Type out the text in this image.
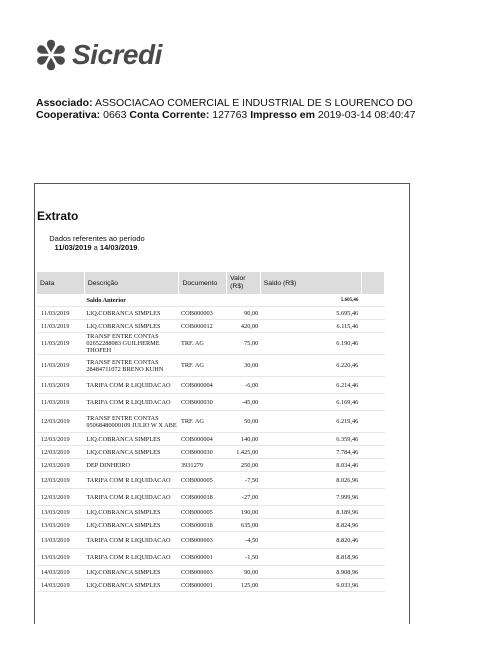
Sicredi
Associado: ASSOCIACAO COMERCIAL E INDUSTRIAL DE S LOURENCO DO
Cooperativa: 0663 Conta Corrente: 127763 Impresso em 2019-03-14 08:40:47
Extrato
Dados referentes ao período 11/03/2019 a 14/03/2019.
Data	Descrição	Documento	Valor (R$)	Saldo (R$)	
	Saldo Anterior			5.605,46	
11/03/2019	LIQ.COBRANCA SIMPLES	COB000003	90,00	5.695,46	
11/03/2019	LIQ.COBRANCA SIMPLES	COB000012	420,00	6.115,46	
11/03/2019	TRANSF ENTRE CONTAS 02652288083 GUILHERME THOFEH	TRF. AG	75,00	6.190,46	
11/03/2019	TRANSF ENTRE CONTAS 28484711072 BRENO KUHN	TRF. AG	30,00	6.220,46	
11/03/2019	TARIFA COM R LIQUIDACAO	COB000004	-6,00	6.214,46	
11/03/2019	TARIFA COM R LIQUIDACAO	COB000030	-45,00	6.169,46	
12/03/2019	TRANSF ENTRE CONTAS 95068480000109 JULIO W X ABE	TRF. AG	50,00	6.219,46	
12/03/2019	LIQ.COBRANCA SIMPLES	COB000004	140,00	6.359,46	
12/03/2019	LIQ.COBRANCA SIMPLES	COB000030	1.425,00	7.784,46	
12/03/2019	DEP DINHEIRO	3931279	250,00	8.034,46	
12/03/2019	TARIFA COM R LIQUIDACAO	COB000005	-7,50	8.026,96	
12/03/2019	TARIFA COM R LIQUIDACAO	COB000018	-27,00	7.999,96	
13/03/2019	LIQ.COBRANCA SIMPLES	COB000005	190,00	8.189,96	
13/03/2019	LIQ.COBRANCA SIMPLES	COB000018	635,00	8.824,96	
13/03/2019	TARIFA COM R LIQUIDACAO	COB000003	-4,50	8.820,46	
13/03/2019	TARIFA COM R LIQUIDACAO	COB000001	-1,50	8.818,96	
14/03/2019	LIQ.COBRANCA SIMPLES	COB000003	90,00	8.908,96	
14/03/2019	LIQ.COBRANCA SIMPLES	COB000001	125,00	9.033,96	
